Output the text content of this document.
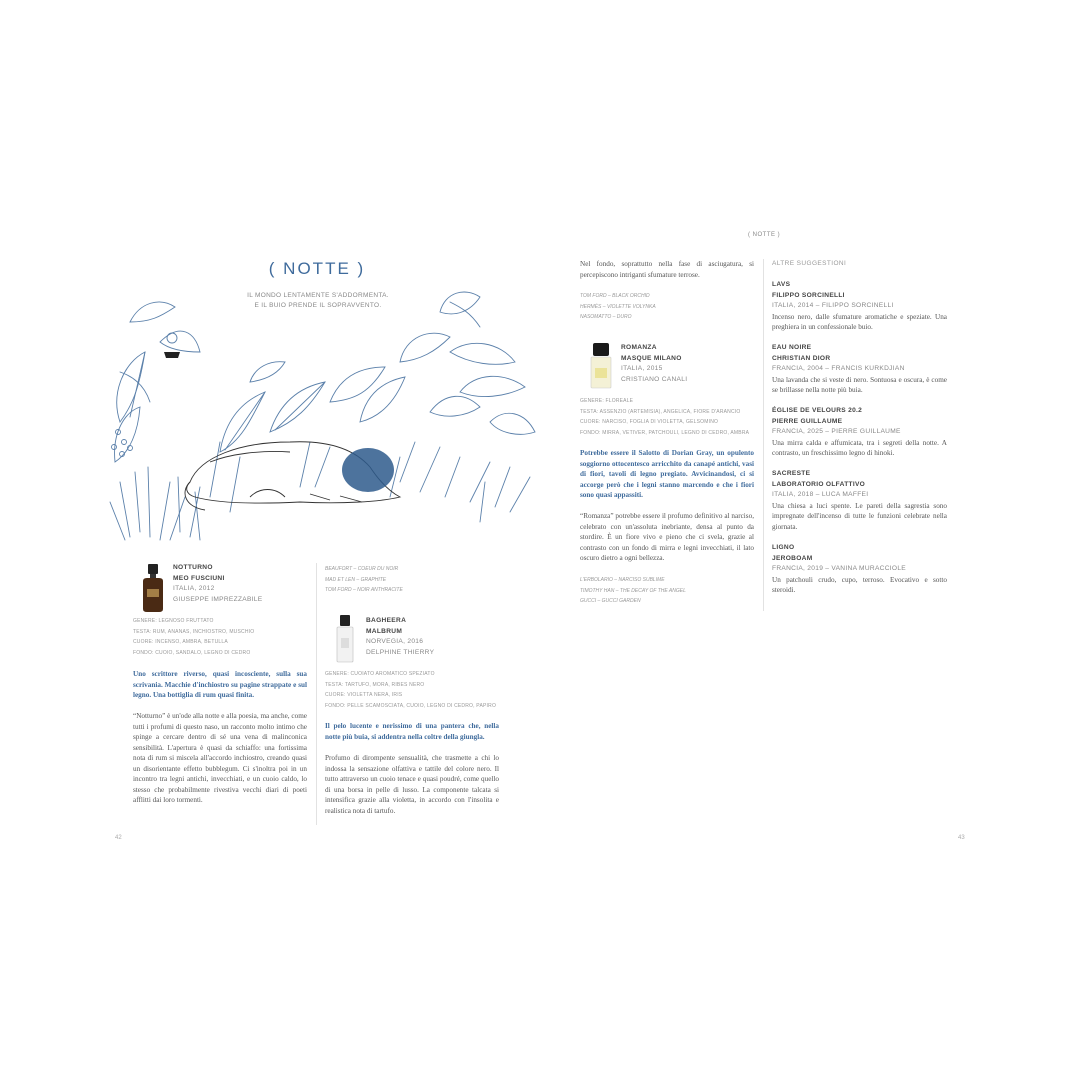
( NOTTE )
( NOTTE )
IL MONDO LENTAMENTE S'ADDORMENTA.
E IL BUIO PRENDE IL SOPRAVVENTO.
NOTTURNO
MEO FUSCIUNI
ITALIA, 2012
GIUSEPPE IMPREZZABILE
GENERE: LEGNOSO FRUTTATO
TESTA: RUM, ANANAS, INCHIOSTRO, MUSCHIO
CUORE: INCENSO, AMBRA, BETULLA
FONDO: CUOIO, SANDALO, LEGNO DI CEDRO
Uno scrittore riverso, quasi incosciente, sulla sua scrivania. Macchie d'inchiostro su pagine strappate e sul legno. Una bottiglia di rum quasi finita.
“Notturno” è un'ode alla notte e alla poesia, ma anche, come tutti i profumi di questo naso, un racconto molto intimo che spinge a cercare dentro di sé una vena di malinconica sensibilità. L'apertura è quasi da schiaffo: una fortissima nota di rum si miscela all'accordo inchiostro, creando quasi un disorientante effetto bubblegum. Ci s'inoltra poi in un incontro tra legni antichi, invecchiati, e un cuoio caldo, lo stesso che probabilmente rivestiva vecchi diari di poeti afflitti dai loro tormenti.
BEAUFORT – COEUR DU NOIR
MAD ET LEN – GRAPHITE
TOM FORD – NOIR ANTHRACITE
BAGHEERA
MALBRUM
NORVEGIA, 2016
DELPHINE THIERRY
GENERE: CUOIATO AROMATICO SPEZIATO
TESTA: TARTUFO, MORA, RIBES NERO
CUORE: VIOLETTA NERA, IRIS
FONDO: PELLE SCAMOSCIATA, CUOIO, LEGNO DI CEDRO, PAPIRO
Il pelo lucente e nerissimo di una pantera che, nella notte più buia, si addentra nella coltre della giungla.
Profumo di dirompente sensualità, che trasmette a chi lo indossa la sensazione olfattiva e tattile del colore nero. Il tutto attraverso un cuoio tenace e quasi poudré, come quello di una borsa in pelle di lusso. La componente talcata si intensifica grazie alla violetta, in accordo con l'insolita e realistica nota di tartufo.
42
Nel fondo, soprattutto nella fase di asciugatura, si percepiscono intriganti sfumature terrose.
TOM FORD – BLACK ORCHID
HERMÈS – VIOLETTE VOLYNKA
NASOMATTO – DURO
ROMANZA
MASQUE MILANO
ITALIA, 2015
CRISTIANO CANALI
GENERE: FLOREALE
TESTA: ASSENZIO (ARTEMISIA), ANGELICA, FIORE D'ARANCIO
CUORE: NARCISO, FOGLIA DI VIOLETTA, GELSOMINO
FONDO: MIRRA, VETIVER, PATCHOULI, LEGNO DI CEDRO, AMBRA
Potrebbe essere il Salotto di Dorian Gray, un opulento soggiorno ottocentesco arricchito da canapé antichi, vasi di fiori, tavoli di legno pregiato. Avvicinandosi, ci si accorge però che i legni stanno marcendo e che i fiori sono quasi appassiti.
“Romanza” potrebbe essere il profumo definitivo al narciso, celebrato con un'assoluta inebriante, densa al punto da stordire. È un fiore vivo e pieno che ci svela, grazie al contrasto con un fondo di mirra e legni invecchiati, il lato oscuro dietro a ogni bellezza.
L'ERBOLARIO – NARCISO SUBLIME
TIMOTHY HAN – THE DECAY OF THE ANGEL
GUCCI – GUCCI GARDEN
ALTRE SUGGESTIONI
LAVS
FILIPPO SORCINELLI
ITALIA, 2014 – FILIPPO SORCINELLI
Incenso nero, dalle sfumature aromatiche e speziate. Una preghiera in un confessionale buio.
EAU NOIRE
CHRISTIAN DIOR
FRANCIA, 2004 – FRANCIS KURKDJIAN
Una lavanda che si veste di nero. Sontuosa e oscura, è come se brillasse nella notte più buia.
ÉGLISE DE VELOURS 20.2
PIERRE GUILLAUME
FRANCIA, 2025 – PIERRE GUILLAUME
Una mirra calda e affumicata, tra i segreti della notte. A contrasto, un freschissimo legno di hinoki.
SACRESTE
LABORATORIO OLFATTIVO
ITALIA, 2018 – LUCA MAFFEI
Una chiesa a luci spente. Le pareti della sagrestia sono impregnate dell'incenso di tutte le funzioni celebrate nella giornata.
LIGNO
JEROBOAM
FRANCIA, 2019 – VANINA MURACCIOLE
Un patchouli crudo, cupo, terroso. Evocativo e sotto steroidi.
43
